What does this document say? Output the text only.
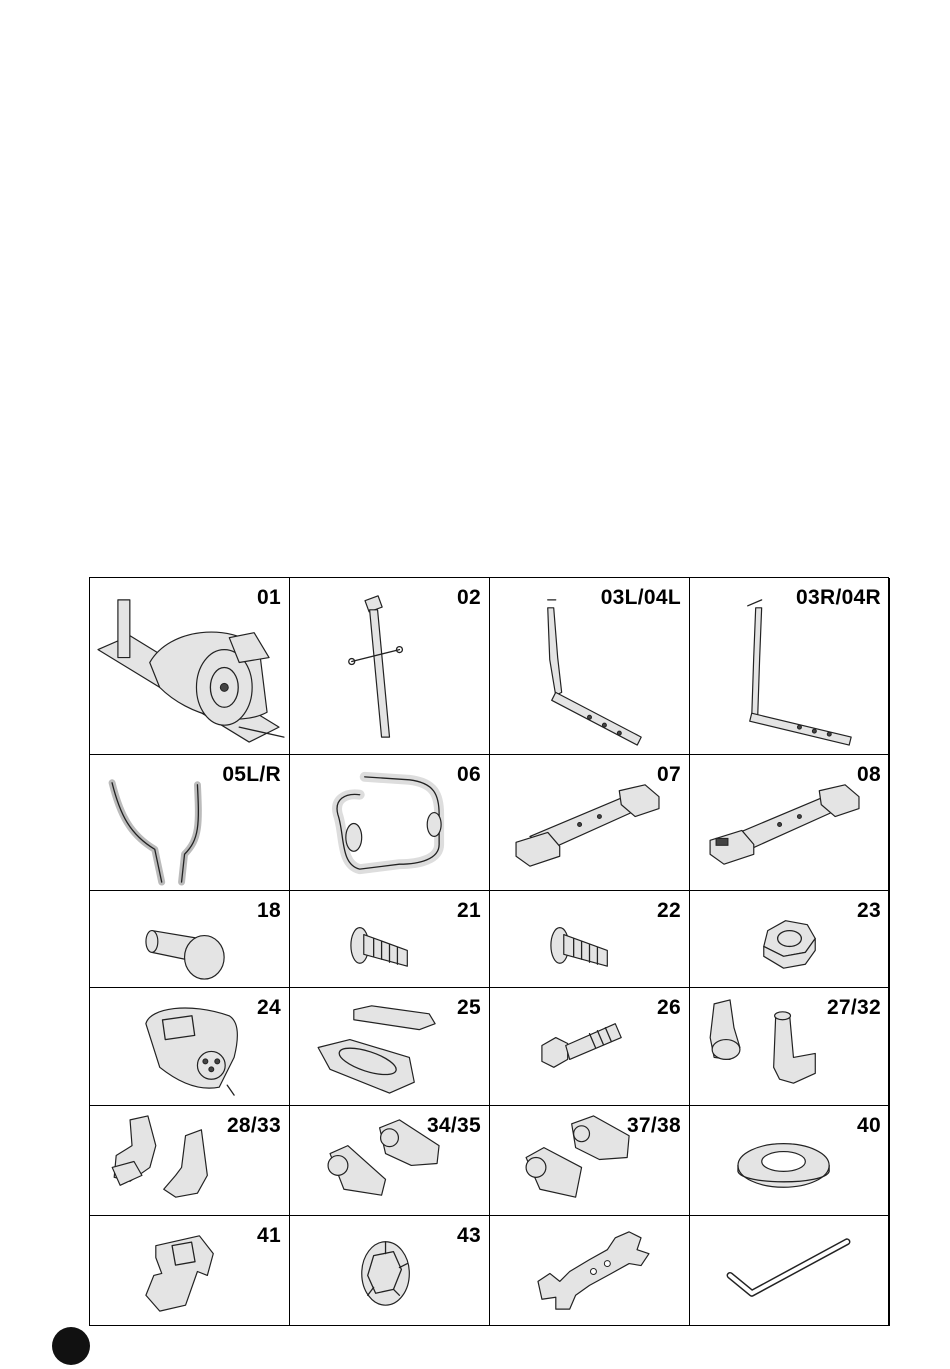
01	02	03L/04L	03R/04R
05L/R	06	07	08
18	21	22	23
24	25	26	27/32
28/33	34/35	37/38	40
41	43
